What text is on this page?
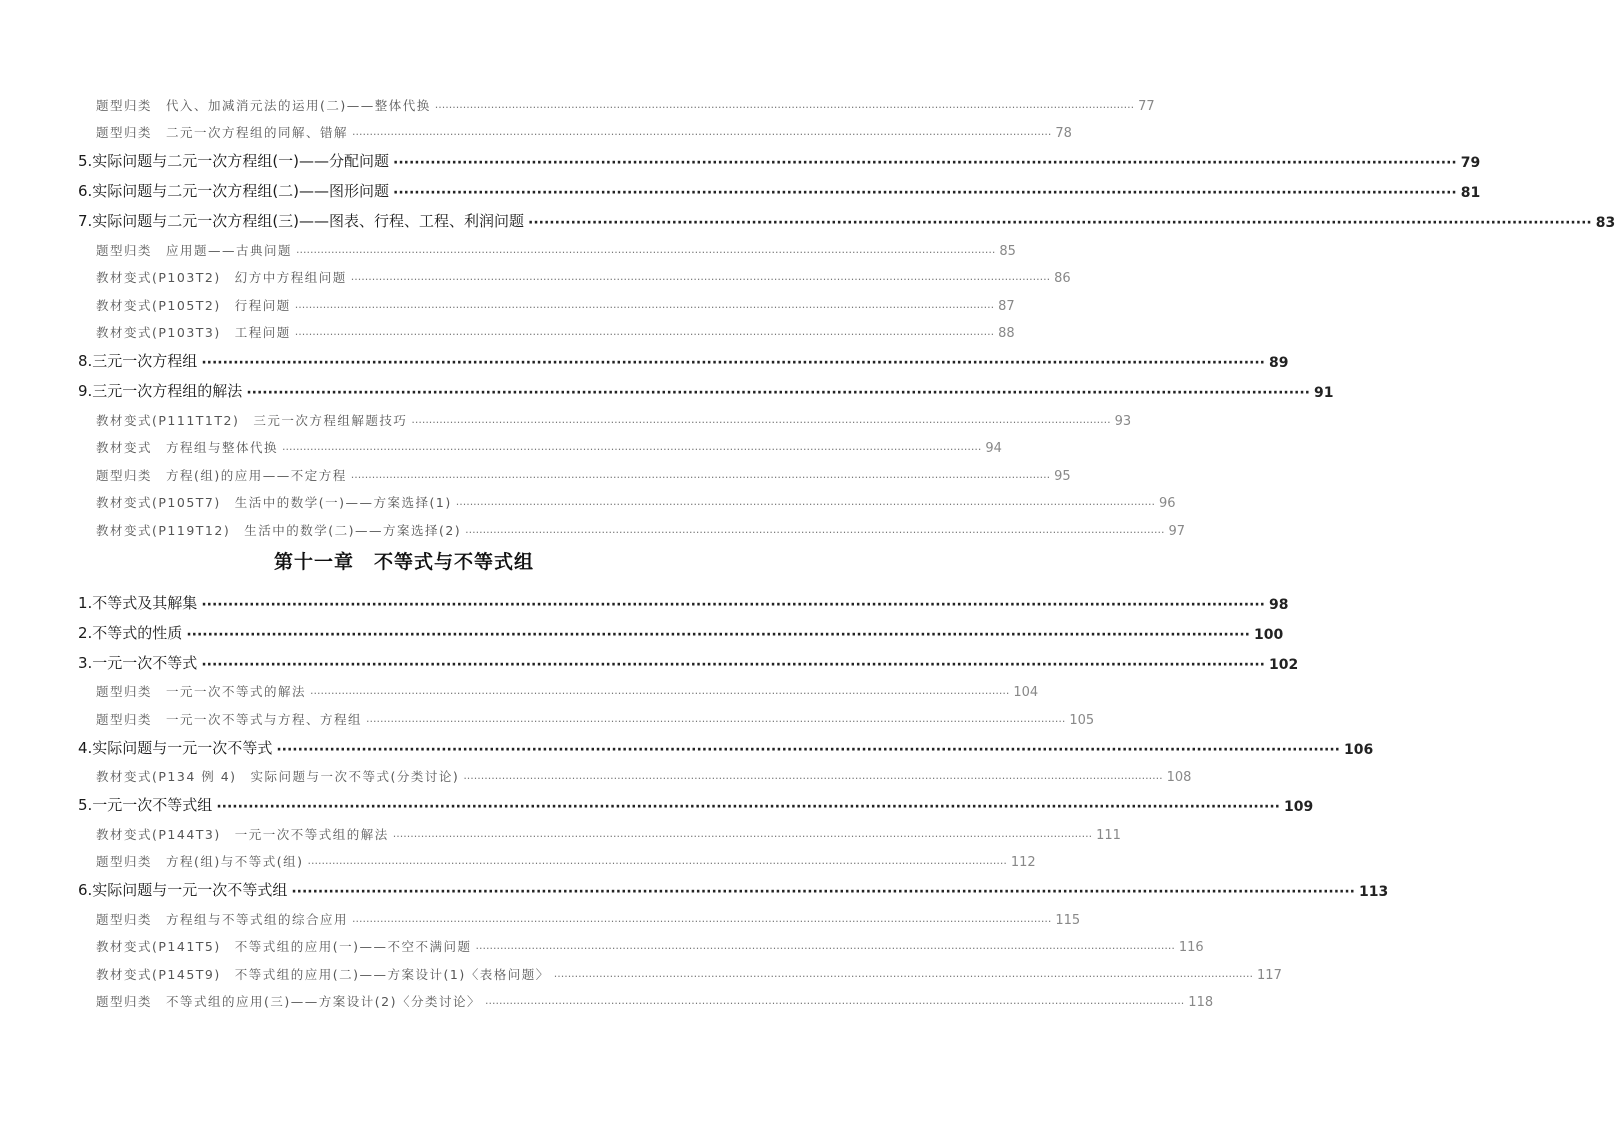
题型归类　代入、加减消元法的运用(二)——整体代换 ········································································································································································································ 77
题型归类　二元一次方程组的同解、错解 ········································································································································································································ 78
5.实际问题与二元一次方程组(一)——分配问题 ········································································································································································································ 79
6.实际问题与二元一次方程组(二)——图形问题 ········································································································································································································ 81
7.实际问题与二元一次方程组(三)——图表、行程、工程、利润问题 ········································································································································································································ 83
题型归类　应用题——古典问题 ········································································································································································································ 85
教材变式(P103T2)　幻方中方程组问题 ········································································································································································································ 86
教材变式(P105T2)　行程问题 ········································································································································································································ 87
教材变式(P103T3)　工程问题 ········································································································································································································ 88
8.三元一次方程组 ········································································································································································································ 89
9.三元一次方程组的解法 ········································································································································································································ 91
教材变式(P111T1T2)　三元一次方程组解题技巧 ········································································································································································································ 93
教材变式　方程组与整体代换 ········································································································································································································ 94
题型归类　方程(组)的应用——不定方程 ········································································································································································································ 95
教材变式(P105T7)　生活中的数学(一)——方案选择(1) ········································································································································································································ 96
教材变式(P119T12)　生活中的数学(二)——方案选择(2) ········································································································································································································ 97
第十一章　不等式与不等式组
1.不等式及其解集 ········································································································································································································ 98
2.不等式的性质 ········································································································································································································ 100
3.一元一次不等式 ········································································································································································································ 102
题型归类　一元一次不等式的解法 ········································································································································································································ 104
题型归类　一元一次不等式与方程、方程组 ········································································································································································································ 105
4.实际问题与一元一次不等式 ········································································································································································································ 106
教材变式(P134 例 4)　实际问题与一次不等式(分类讨论) ········································································································································································································ 108
5.一元一次不等式组 ········································································································································································································ 109
教材变式(P144T3)　一元一次不等式组的解法 ········································································································································································································ 111
题型归类　方程(组)与不等式(组) ········································································································································································································ 112
6.实际问题与一元一次不等式组 ········································································································································································································ 113
题型归类　方程组与不等式组的综合应用 ········································································································································································································ 115
教材变式(P141T5)　不等式组的应用(一)——不空不满问题 ········································································································································································································ 116
教材变式(P145T9)　不等式组的应用(二)——方案设计(1)〈表格问题〉 ········································································································································································································ 117
题型归类　不等式组的应用(三)——方案设计(2)〈分类讨论〉 ········································································································································································································ 118
